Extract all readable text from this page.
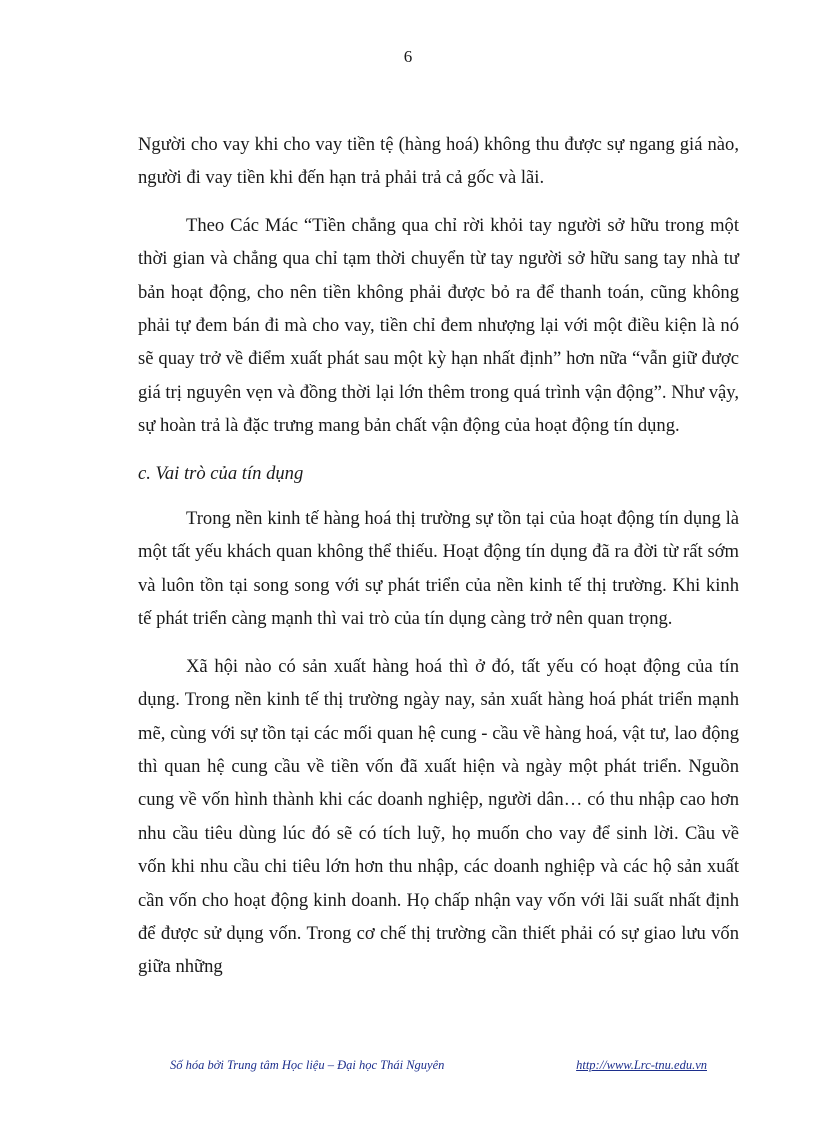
6

Người cho vay khi cho vay tiền tệ (hàng hoá) không thu được sự ngang giá nào, người đi vay tiền khi đến hạn trả phải trả cả gốc và lãi.

Theo Các Mác “Tiền chẳng qua chỉ rời khỏi tay người sở hữu trong một thời gian và chẳng qua chỉ tạm thời chuyển từ tay người sở hữu sang tay nhà tư bản hoạt động, cho nên tiền không phải được bỏ ra để thanh toán, cũng không phải tự đem bán đi mà cho vay, tiền chỉ đem nhượng lại với một điều kiện là nó sẽ quay trở về điểm xuất phát sau một kỳ hạn nhất định” hơn nữa “vẫn giữ được giá trị nguyên vẹn và đồng thời lại lớn thêm trong quá trình vận động”. Như vậy, sự hoàn trả là đặc trưng mang bản chất vận động của hoạt động tín dụng.

c. Vai trò của tín dụng

Trong nền kinh tế hàng hoá thị trường sự tồn tại của hoạt động tín dụng là một tất yếu khách quan không thể thiếu. Hoạt động tín dụng đã ra đời từ rất sớm và luôn tồn tại song song với sự phát triển của nền kinh tế thị trường. Khi kinh tế phát triển càng mạnh thì vai trò của tín dụng càng trở nên quan trọng.

Xã hội nào có sản xuất hàng hoá thì ở đó, tất yếu có hoạt động của tín dụng. Trong nền kinh tế thị trường ngày nay, sản xuất hàng hoá phát triển mạnh mẽ, cùng với sự tồn tại các mối quan hệ cung - cầu về hàng hoá, vật tư, lao động thì quan hệ cung cầu về tiền vốn đã xuất hiện và ngày một phát triển. Nguồn cung về vốn hình thành khi các doanh nghiệp, người dân… có thu nhập cao hơn nhu cầu tiêu dùng lúc đó sẽ có tích luỹ, họ muốn cho vay để sinh lời. Cầu về vốn khi nhu cầu chi tiêu lớn hơn thu nhập, các doanh nghiệp và các hộ sản xuất cần vốn cho hoạt động kinh doanh. Họ chấp nhận vay vốn với lãi suất nhất định để được sử dụng vốn. Trong cơ chế thị trường cần thiết phải có sự giao lưu vốn giữa những

Số hóa bởi Trung tâm Học liệu – Đại học Thái Nguyên	http://www.Lrc-tnu.edu.vn
